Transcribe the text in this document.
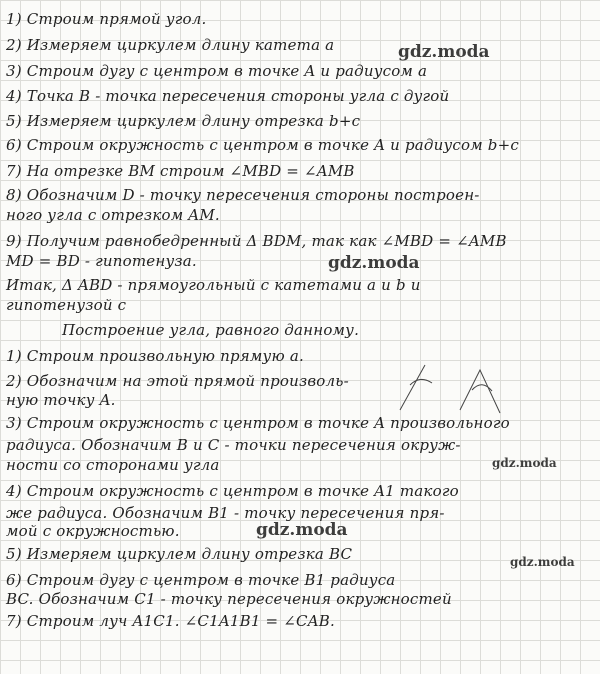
1) Строим прямой угол.
2) Измеряем циркулем длину катета a
3) Строим дугу с центром в точке A и радиусом a
4) Точка B - точка пересечения стороны угла с дугой
5) Измеряем циркулем длину отрезка b+c
6) Строим окружность с центром в точке A и радиусом b+c
7) На отрезке BM строим ∠MBD = ∠AMB
8) Обозначим D - точку пересечения стороны построен-
ного угла с отрезком AM.
9) Получим равнобедренный Δ BDM, так как ∠MBD = ∠AMB
MD = BD - гипотенуза.
Итак, Δ ABD - прямоугольный с катетами a и b и
гипотенузой c
Построение угла, равного данному.
1) Строим произвольную прямую a.
2) Обозначим на этой прямой произволь-
ную точку A.
3) Строим окружность с центром в точке A произвольного
радиуса. Обозначим B и C - точки пересечения окруж-
ности со сторонами угла
4) Строим окружность с центром в точке A1 такого
же радиуса. Обозначим B1 - точку пересечения пря-
мой с окружностью.
5) Измеряем циркулем длину отрезка BC
6) Строим дугу с центром в точке B1 радиуса
BC. Обозначим C1 - точку пересечения окружностей
7) Строим луч A1C1. ∠C1A1B1 = ∠CAB.
gdz.moda
gdz.moda
gdz.moda
gdz.moda
gdz.moda
